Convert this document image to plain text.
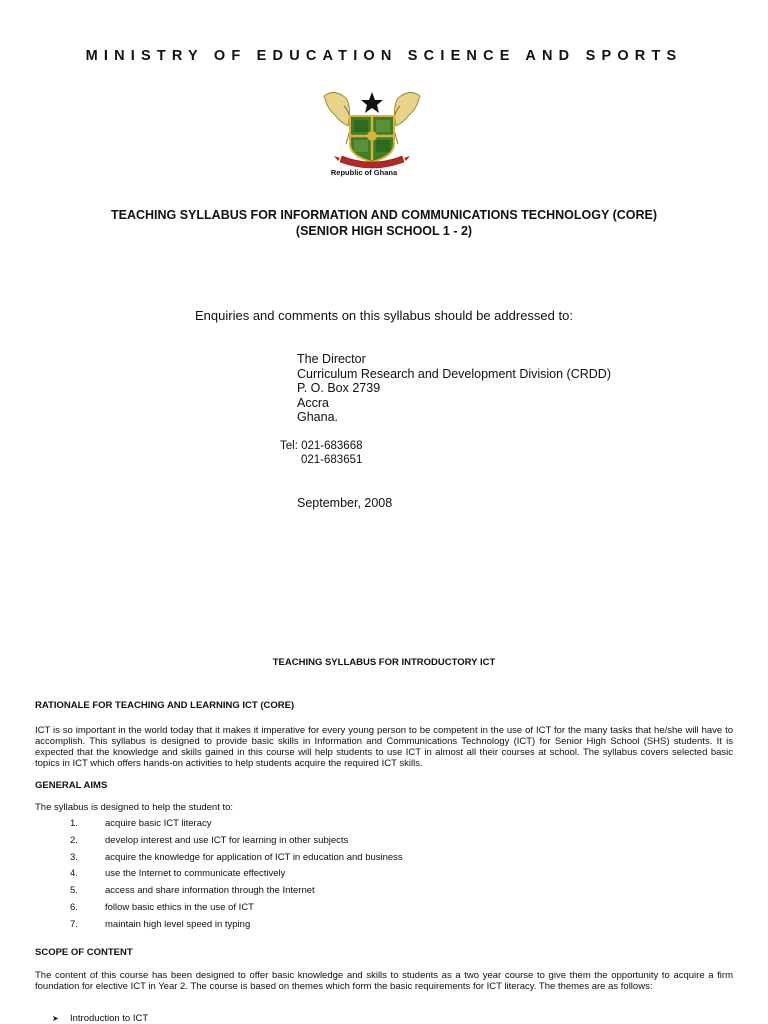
MINISTRY OF EDUCATION SCIENCE AND SPORTS
Republic of Ghana
TEACHING SYLLABUS FOR INFORMATION AND COMMUNICATIONS TECHNOLOGY (CORE)
(SENIOR HIGH SCHOOL 1 - 2)
Enquiries and comments on this syllabus should be addressed to:
The Director
Curriculum Research and Development Division (CRDD)
P. O. Box 2739
Accra
Ghana.
Tel: 021-683668
021-683651
September, 2008
TEACHING SYLLABUS FOR INTRODUCTORY ICT
RATIONALE FOR TEACHING AND LEARNING ICT (CORE)
ICT is so important in the world today that it makes it imperative for every young person to be competent in the use of ICT for the many tasks that he/she will have to accomplish. This syllabus is designed to provide basic skills in Information and Communications Technology (ICT) for Senior High School (SHS) students. It is expected that the knowledge and skills gained in this course will help students to use ICT in almost all their courses at school. The syllabus covers selected basic topics in ICT which offers hands-on activities to help students acquire the required ICT skills.
GENERAL AIMS
The syllabus is designed to help the student to:
1.	acquire basic ICT literacy
2.	develop interest and use ICT for learning in other subjects
3.	acquire the knowledge for application of ICT in education and business
4.	use the Internet to communicate effectively
5.	access and share information through the Internet
6.	follow basic ethics in the use of ICT
7.	maintain high level speed in typing
SCOPE OF CONTENT
The content of this course has been designed to offer basic knowledge and skills to students as a two year course to give them the opportunity to acquire a firm foundation for elective ICT in Year 2. The course is based on themes which form the basic requirements for ICT literacy. The themes are as follows:
➤ Introduction to ICT
